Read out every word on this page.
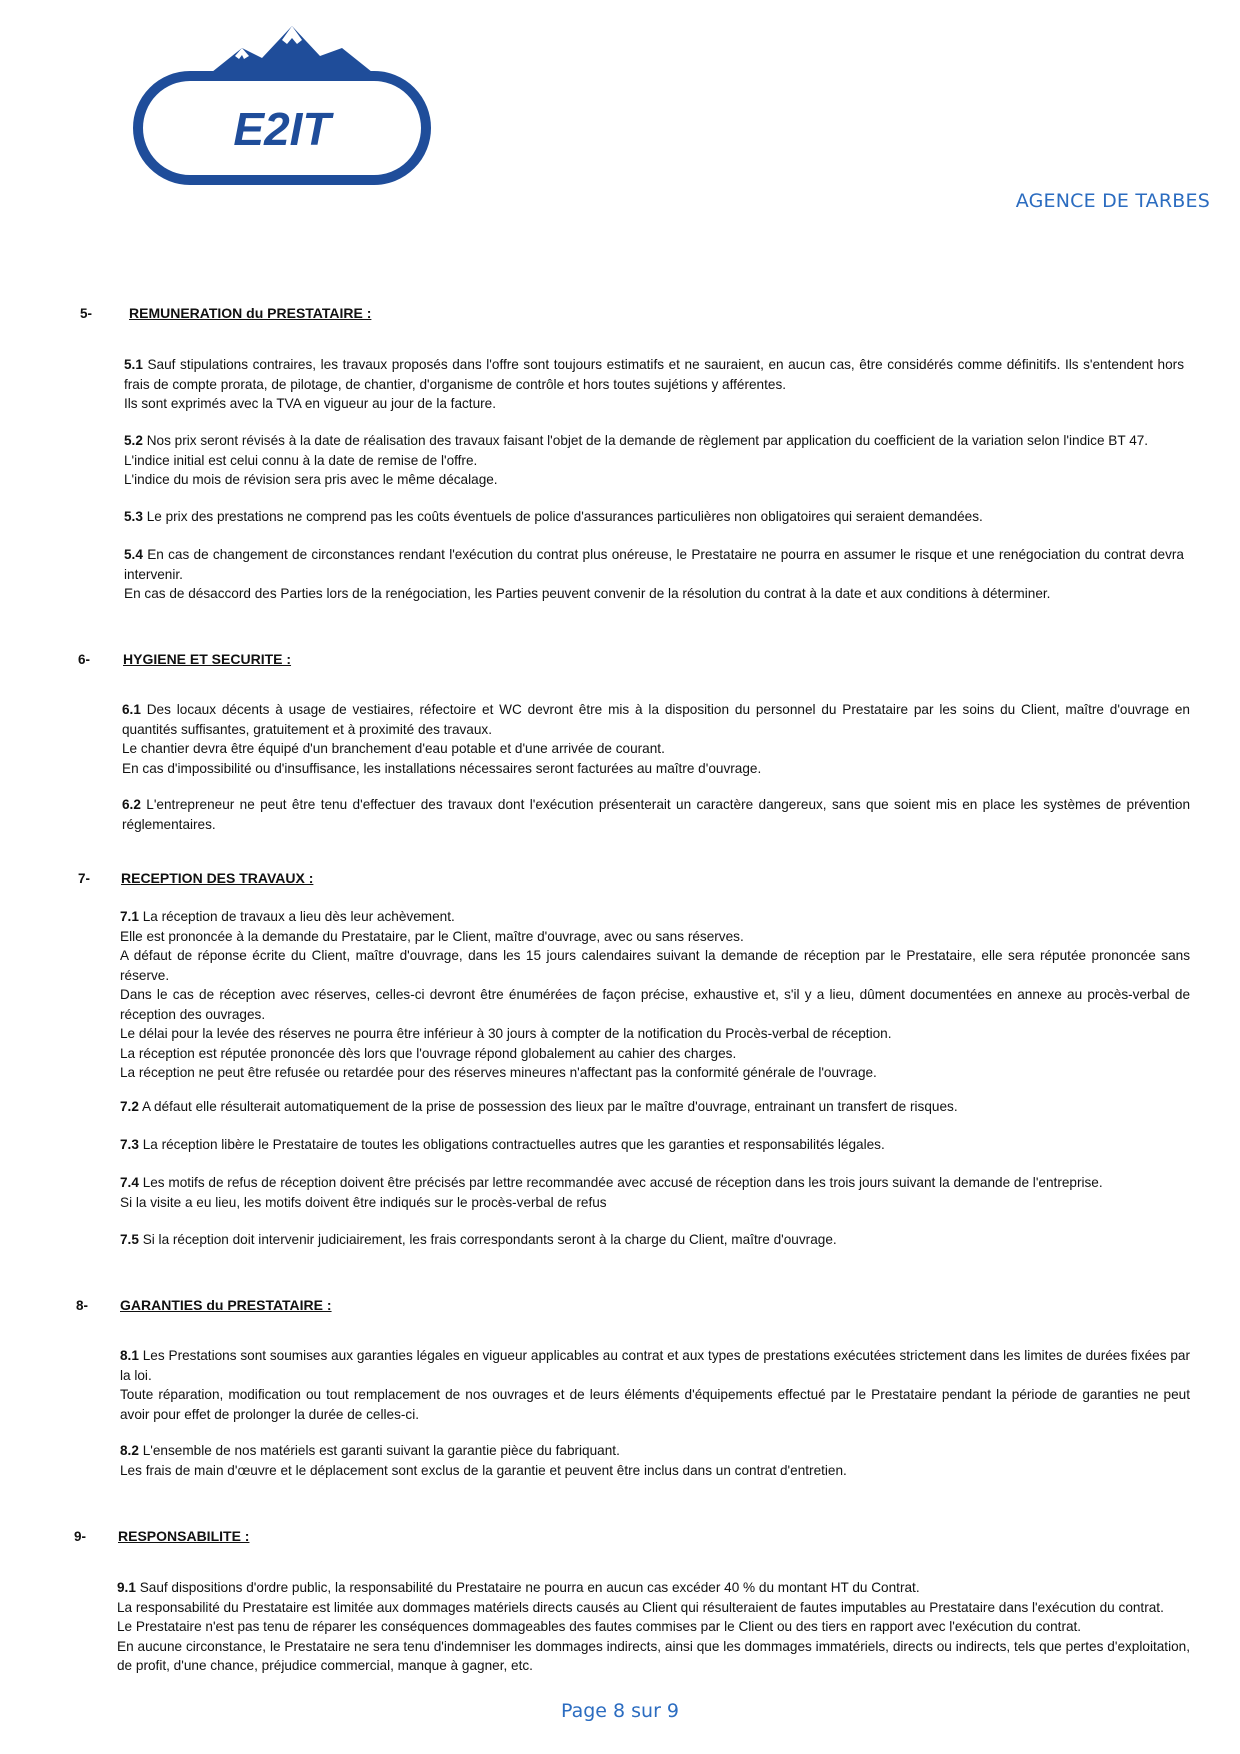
E2IT
AGENCE DE TARBES
5-	REMUNERATION du PRESTATAIRE :

5.1 Sauf stipulations contraires, les travaux proposés dans l'offre sont toujours estimatifs et ne sauraient, en aucun cas, être considérés comme définitifs. Ils s'entendent hors frais de compte prorata, de pilotage, de chantier, d'organisme de contrôle et hors toutes sujétions y afférentes.
Ils sont exprimés avec la TVA en vigueur au jour de la facture.

5.2 Nos prix seront révisés à la date de réalisation des travaux faisant l'objet de la demande de règlement par application du coefficient de la variation selon l'indice BT 47.
L'indice initial est celui connu à la date de remise de l'offre.
L'indice du mois de révision sera pris avec le même décalage.

5.3 Le prix des prestations ne comprend pas les coûts éventuels de police d'assurances particulières non obligatoires qui seraient demandées.

5.4 En cas de changement de circonstances rendant l'exécution du contrat plus onéreuse, le Prestataire ne pourra en assumer le risque et une renégociation du contrat devra intervenir.
En cas de désaccord des Parties lors de la renégociation, les Parties peuvent convenir de la résolution du contrat à la date et aux conditions à déterminer.

6- HYGIENE ET SECURITE :

6.1 Des locaux décents à usage de vestiaires, réfectoire et WC devront être mis à la disposition du personnel du Prestataire par les soins du Client, maître d'ouvrage en quantités suffisantes, gratuitement et à proximité des travaux.
Le chantier devra être équipé d'un branchement d'eau potable et d'une arrivée de courant.
En cas d'impossibilité ou d'insuffisance, les installations nécessaires seront facturées au maître d'ouvrage.

6.2 L'entrepreneur ne peut être tenu d'effectuer des travaux dont l'exécution présenterait un caractère dangereux, sans que soient mis en place les systèmes de prévention réglementaires.

7- RECEPTION DES TRAVAUX :

7.1 La réception de travaux a lieu dès leur achèvement.
Elle est prononcée à la demande du Prestataire, par le Client, maître d'ouvrage, avec ou sans réserves.
A défaut de réponse écrite du Client, maître d'ouvrage, dans les 15 jours calendaires suivant la demande de réception par le Prestataire, elle sera réputée prononcée sans réserve.
Dans le cas de réception avec réserves, celles-ci devront être énumérées de façon précise, exhaustive et, s'il y a lieu, dûment documentées en annexe au procès-verbal de réception des ouvrages.
Le délai pour la levée des réserves ne pourra être inférieur à 30 jours à compter de la notification du Procès-verbal de réception.
La réception est réputée prononcée dès lors que l'ouvrage répond globalement au cahier des charges.
La réception ne peut être refusée ou retardée pour des réserves mineures n'affectant pas la conformité générale de l'ouvrage.

7.2 A défaut elle résulterait automatiquement de la prise de possession des lieux par le maître d'ouvrage, entrainant un transfert de risques.

7.3 La réception libère le Prestataire de toutes les obligations contractuelles autres que les garanties et responsabilités légales.

7.4 Les motifs de refus de réception doivent être précisés par lettre recommandée avec accusé de réception dans les trois jours suivant la demande de l'entreprise.
Si la visite a eu lieu, les motifs doivent être indiqués sur le procès-verbal de refus

7.5 Si la réception doit intervenir judiciairement, les frais correspondants seront à la charge du Client, maître d'ouvrage.

8- GARANTIES du PRESTATAIRE :

8.1 Les Prestations sont soumises aux garanties légales en vigueur applicables au contrat et aux types de prestations exécutées strictement dans les limites de durées fixées par la loi.
Toute réparation, modification ou tout remplacement de nos ouvrages et de leurs éléments d'équipements effectué par le Prestataire pendant la période de garanties ne peut avoir pour effet de prolonger la durée de celles-ci.

8.2 L'ensemble de nos matériels est garanti suivant la garantie pièce du fabriquant.
Les frais de main d'œuvre et le déplacement sont exclus de la garantie et peuvent être inclus dans un contrat d'entretien.

9- RESPONSABILITE :

9.1 Sauf dispositions d'ordre public, la responsabilité du Prestataire ne pourra en aucun cas excéder 40 % du montant HT du Contrat.
La responsabilité du Prestataire est limitée aux dommages matériels directs causés au Client qui résulteraient de fautes imputables au Prestataire dans l'exécution du contrat.
Le Prestataire n'est pas tenu de réparer les conséquences dommageables des fautes commises par le Client ou des tiers en rapport avec l'exécution du contrat.
En aucune circonstance, le Prestataire ne sera tenu d'indemniser les dommages indirects, ainsi que les dommages immatériels, directs ou indirects, tels que pertes d'exploitation, de profit, d'une chance, préjudice commercial, manque à gagner, etc.

Page 8 sur 9
